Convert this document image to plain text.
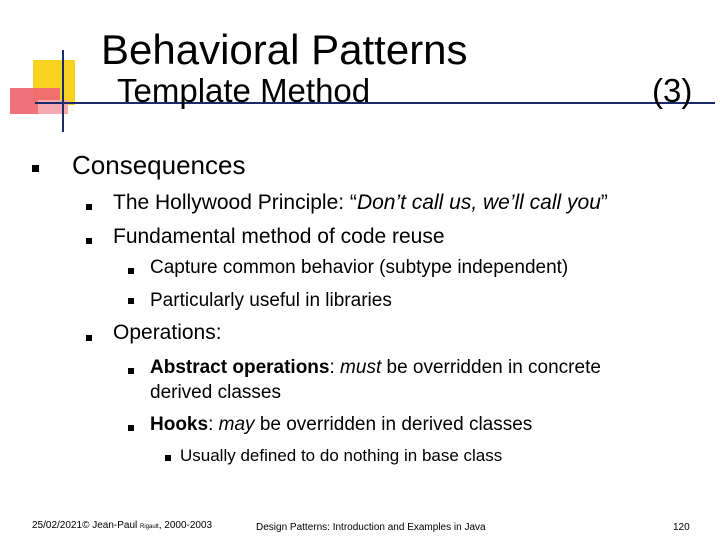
Behavioral Patterns
Template Method	(3)
Consequences
The Hollywood Principle: “Don’t call us, we’ll call you”
Fundamental method of code reuse
Capture common behavior (subtype independent)
Particularly useful in libraries
Operations:
Abstract operations: must be overridden in concrete
derived classes
Hooks: may be overridden in derived classes
Usually defined to do nothing in base class
25/02/2021© Jean-Paul Rigault, 2000-2003	Design Patterns: Introduction and Examples in Java	120
